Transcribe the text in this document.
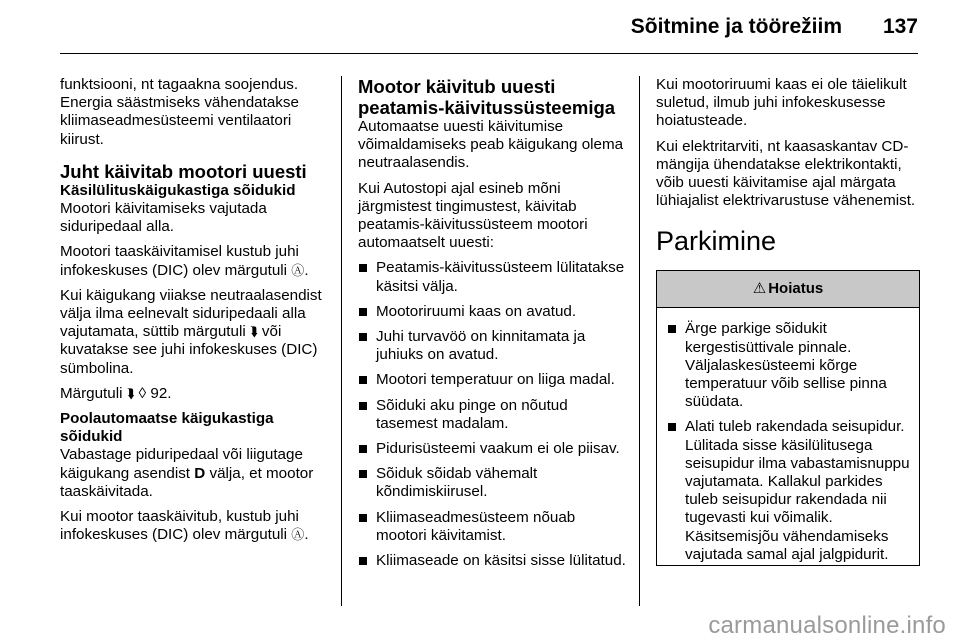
Sõitmine ja töörežiim 137

funktsiooni, nt tagaakna soojendus. Energia säästmiseks vähendatakse kliimaseadmesüsteemi ventilaatori kiirust.

Juht käivitab mootori uuesti
Käsilülituskäigukastiga sõidukid

Mootori käivitamiseks vajutada siduripedaal alla.

Mootori taaskäivitamisel kustub juhi infokeskuses (DIC) olev märgutuli Ⓐ.

Kui käigukang viiakse neutraalasendist välja ilma eelnevalt siduripedaali alla vajutamata, süttib märgutuli ⮯ või kuvatakse see juhi infokeskuses (DIC) sümbolina.

Märgutuli ⮯ ◊ 92.

Poolautomaatse käigukastiga sõidukid

Vabastage piduripedaal või liigutage käigukang asendist D välja, et mootor taaskäivitada.

Kui mootor taaskäivitub, kustub juhi infokeskuses (DIC) olev märgutuli Ⓐ.

Mootor käivitub uuesti peatamis-käivitussüsteemiga

Automaatse uuesti käivitumise võimaldamiseks peab käigukang olema neutraalasendis.

Kui Autostopi ajal esineb mõni järgmistest tingimustest, käivitab peatamis-käivitussüsteem mootori automaatselt uuesti:

Peatamis-käivitussüsteem lülitatakse käsitsi välja.
Mootoriruumi kaas on avatud.
Juhi turvavöö on kinnitamata ja juhiuks on avatud.
Mootori temperatuur on liiga madal.
Sõiduki aku pinge on nõutud tasemest madalam.
Pidurisüsteemi vaakum ei ole piisav.
Sõiduk sõidab vähemalt kõndimiskiirusel.
Kliimaseadmesüsteem nõuab mootori käivitamist.
Kliimaseade on käsitsi sisse lülitatud.

Kui mootoriruumi kaas ei ole täielikult suletud, ilmub juhi infokeskusesse hoiatusteade.

Kui elektritarviti, nt kaasaskantav CD-mängija ühendatakse elektrikontakti, võib uuesti käivitamise ajal märgata lühiajalist elektrivarustuse vähenemist.

Parkimine
⚠ Hoiatus
Ärge parkige sõidukit kergestisüttivale pinnale. Väljalaskesüsteemi kõrge temperatuur võib sellise pinna süüdata.
Alati tuleb rakendada seisupidur. Lülitada sisse käsilülitusega seisupidur ilma vabastamisnuppu vajutamata. Kallakul parkides tuleb seisupidur rakendada nii tugevasti kui võimalik. Käsitsemisjõu vähendamiseks vajutada samal ajal jalgpidurit.
carmanualsonline.info
